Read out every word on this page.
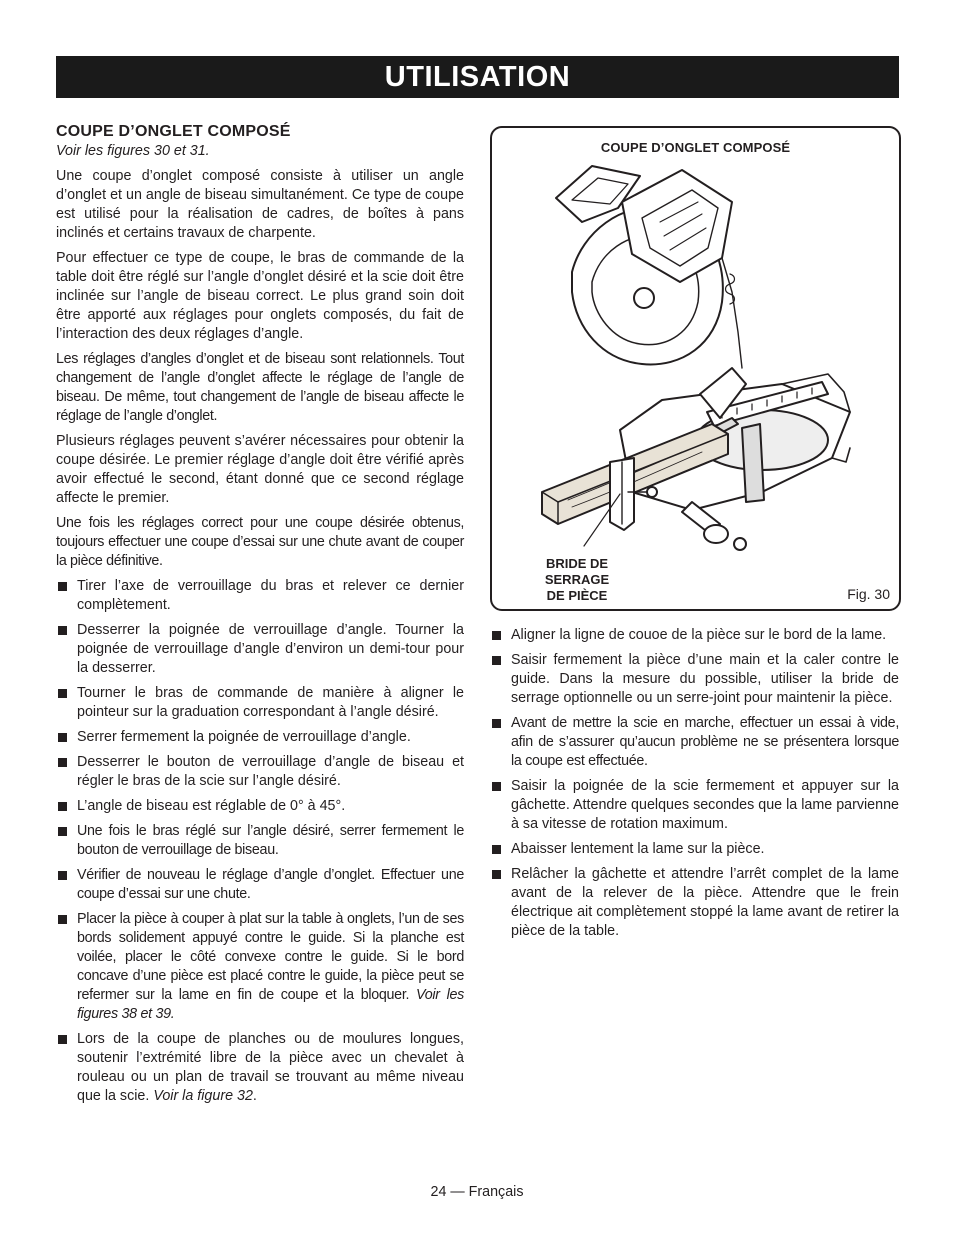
UTILISATION
COUPE D’ONGLET COMPOSÉ
Voir les figures 30 et 31.

Une coupe d’onglet composé consiste à utiliser un angle d’onglet et un angle de biseau simultanément. Ce type de coupe est utilisé pour la réalisation de cadres, de boîtes à pans inclinés et certains travaux de charpente.

Pour effectuer ce type de coupe, le bras de commande de la table doit être réglé sur l’angle d’onglet désiré et la scie doit être inclinée sur l’angle de biseau correct. Le plus grand soin doit être apporté aux réglages pour onglets composés, du fait de l’interaction des deux réglages d’angle.

Les réglages d’angles d’onglet et de biseau sont relationnels. Tout changement de l’angle d’onglet affecte le réglage de l’angle de biseau. De même, tout changement de l’angle de biseau affecte le réglage de l’angle d’onglet.

Plusieurs réglages peuvent s’avérer nécessaires pour obtenir la coupe désirée. Le premier réglage d’angle doit être vérifié après avoir effectué le second, étant donné que ce second réglage affecte le premier.

Une fois les réglages correct pour une coupe désirée obtenus, toujours effectuer une coupe d’essai sur une chute avant de couper la pièce définitive.

Tirer l’axe de verrouillage du bras et relever ce dernier complètement.
Desserrer la poignée de verrouillage d’angle. Tourner la poignée de verrouillage d’angle d’environ un demi-tour pour la desserrer.
Tourner le bras de commande de manière à aligner le pointeur sur la graduation correspondant à l’angle désiré.
Serrer fermement la poignée de verrouillage d’angle.
Desserrer le bouton de verrouillage d’angle de biseau et régler le bras de la scie sur l’angle désiré.
L’angle de biseau est réglable de 0° à 45°.
Une fois le bras réglé sur l’angle désiré, serrer fermement le bouton de verrouillage de biseau.
Vérifier de nouveau le réglage d’angle d’onglet. Effectuer une coupe d’essai sur une chute.
Placer la pièce à couper à plat sur la table à onglets, l’un de ses bords solidement appuyé contre le guide. Si la planche est voilée, placer le côté convexe contre le guide. Si le bord concave d’une pièce est placé contre le guide, la pièce peut se refermer sur la lame en fin de coupe et la bloquer. Voir les figures 38 et 39.
Lors de la coupe de planches ou de moulures longues, soutenir l’extrémité libre de la pièce avec un chevalet à rouleau ou un plan de travail se trouvant au même niveau que la scie. Voir la figure 32.
COUPE D’ONGLET COMPOSÉ
BRIDE DE SERRAGE
DE PIÈCE	Fig. 30
Aligner la ligne de couoe de la pièce sur le bord de la lame.
Saisir fermement la pièce d’une main et la caler contre le guide. Dans la mesure du possible, utiliser la bride de serrage optionnelle ou un serre-joint pour maintenir la pièce.
Avant de mettre la scie en marche, effectuer un essai à vide, afin de s’assurer qu’aucun problème ne se présentera lorsque la coupe est effectuée.
Saisir la poignée de la scie fermement et appuyer sur la gâchette. Attendre quelques secondes que la lame parvienne à sa vitesse de rotation maximum.
Abaisser lentement la lame sur la pièce.
Relâcher la gâchette et attendre l’arrêt complet de la lame avant de la relever de la pièce. Attendre que le frein électrique ait complètement stoppé la lame avant de retirer la pièce de la table.
24 — Français
